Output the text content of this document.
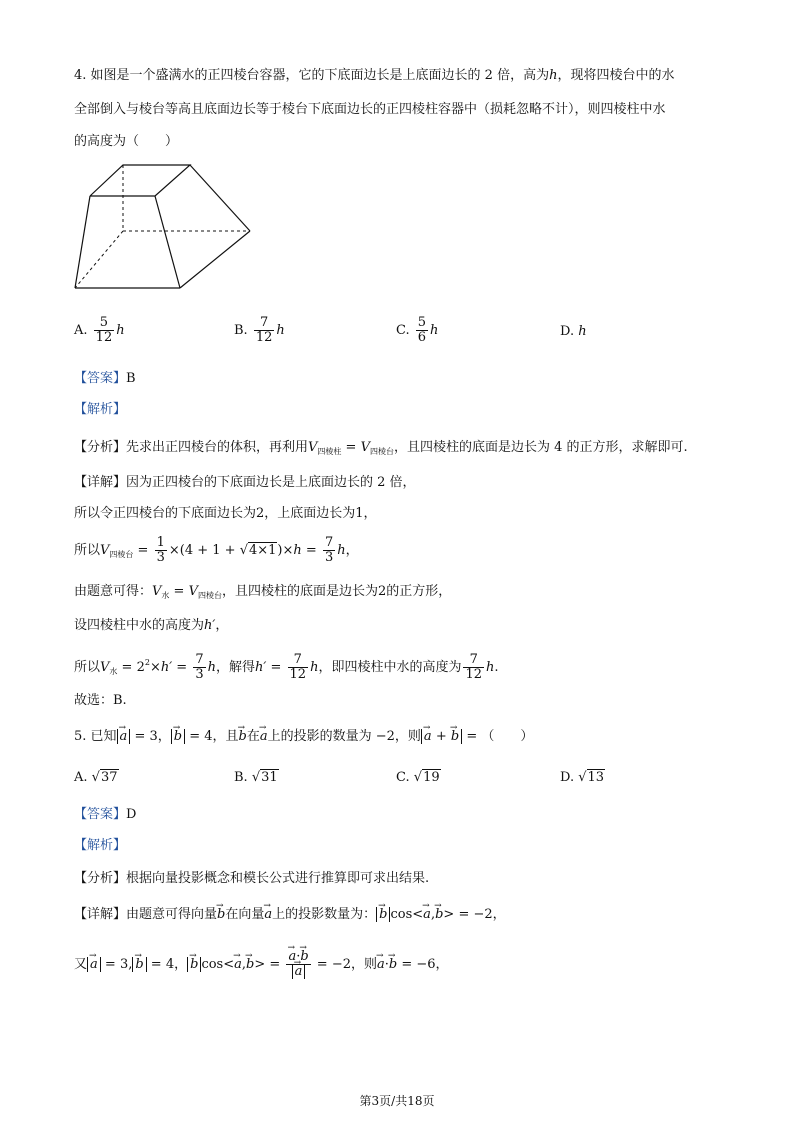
4. 如图是一个盛满水的正四棱台容器，它的下底面边长是上底面边长的 2 倍，高为h，现将四棱台中的水
全部倒入与棱台等高且底面边长等于棱台下底面边长的正四棱柱容器中（损耗忽略不计），则四棱柱中水
的高度为（　　）
A. $\frac{5}{12}$ h	B. $\frac{7}{12}$ h	C. $\frac{5}{6}$ h	D. h
【答案】B
【解析】
【分析】先求出正四棱台的体积，再利用$V_{四棱柱} = V_{四棱台}$，且四棱柱的底面是边长为 4 的正方形，求解即可.
【详解】因为正四棱台的下底面边长是上底面边长的 2 倍，
所以令正四棱台的下底面边长为2，上底面边长为1，
所以$V_{四棱台} = \frac{1}{3} \times(4 + 1 + √4\times 1)\times h = \frac{7}{3}$ h，
由题意可得：$V_水 = V_{四棱台}$，且四棱柱的底面是边长为2的正方形，
设四棱柱中水的高度为h′，
所以$V_水 = 2^2\times h' = \frac{7}{3}$ h，解得$h' = \frac{7}{12}$ h，即四棱柱中水的高度为 $\frac{7}{12} h$.
故选：B.
5. 已知 → a = 3， → b = 4，且→ b在→ a上的投影的数量为 −2，则 → a + → b = （　　）
A. √37	B. √31	C. √19	D. √13
【答案】D
【解析】
【分析】根据向量投影概念和模长公式进行推算即可求出结果.
【详解】由题意可得向量→ b在向量→ a上的投影数量为： → b cos<→ a,→ b> = −2，
又 → a = 3, → b = 4， → b cos<→ a,→ b> = → a·→ b
→ a = −2，则→ a·→ b = −6，
第3页/共18页
